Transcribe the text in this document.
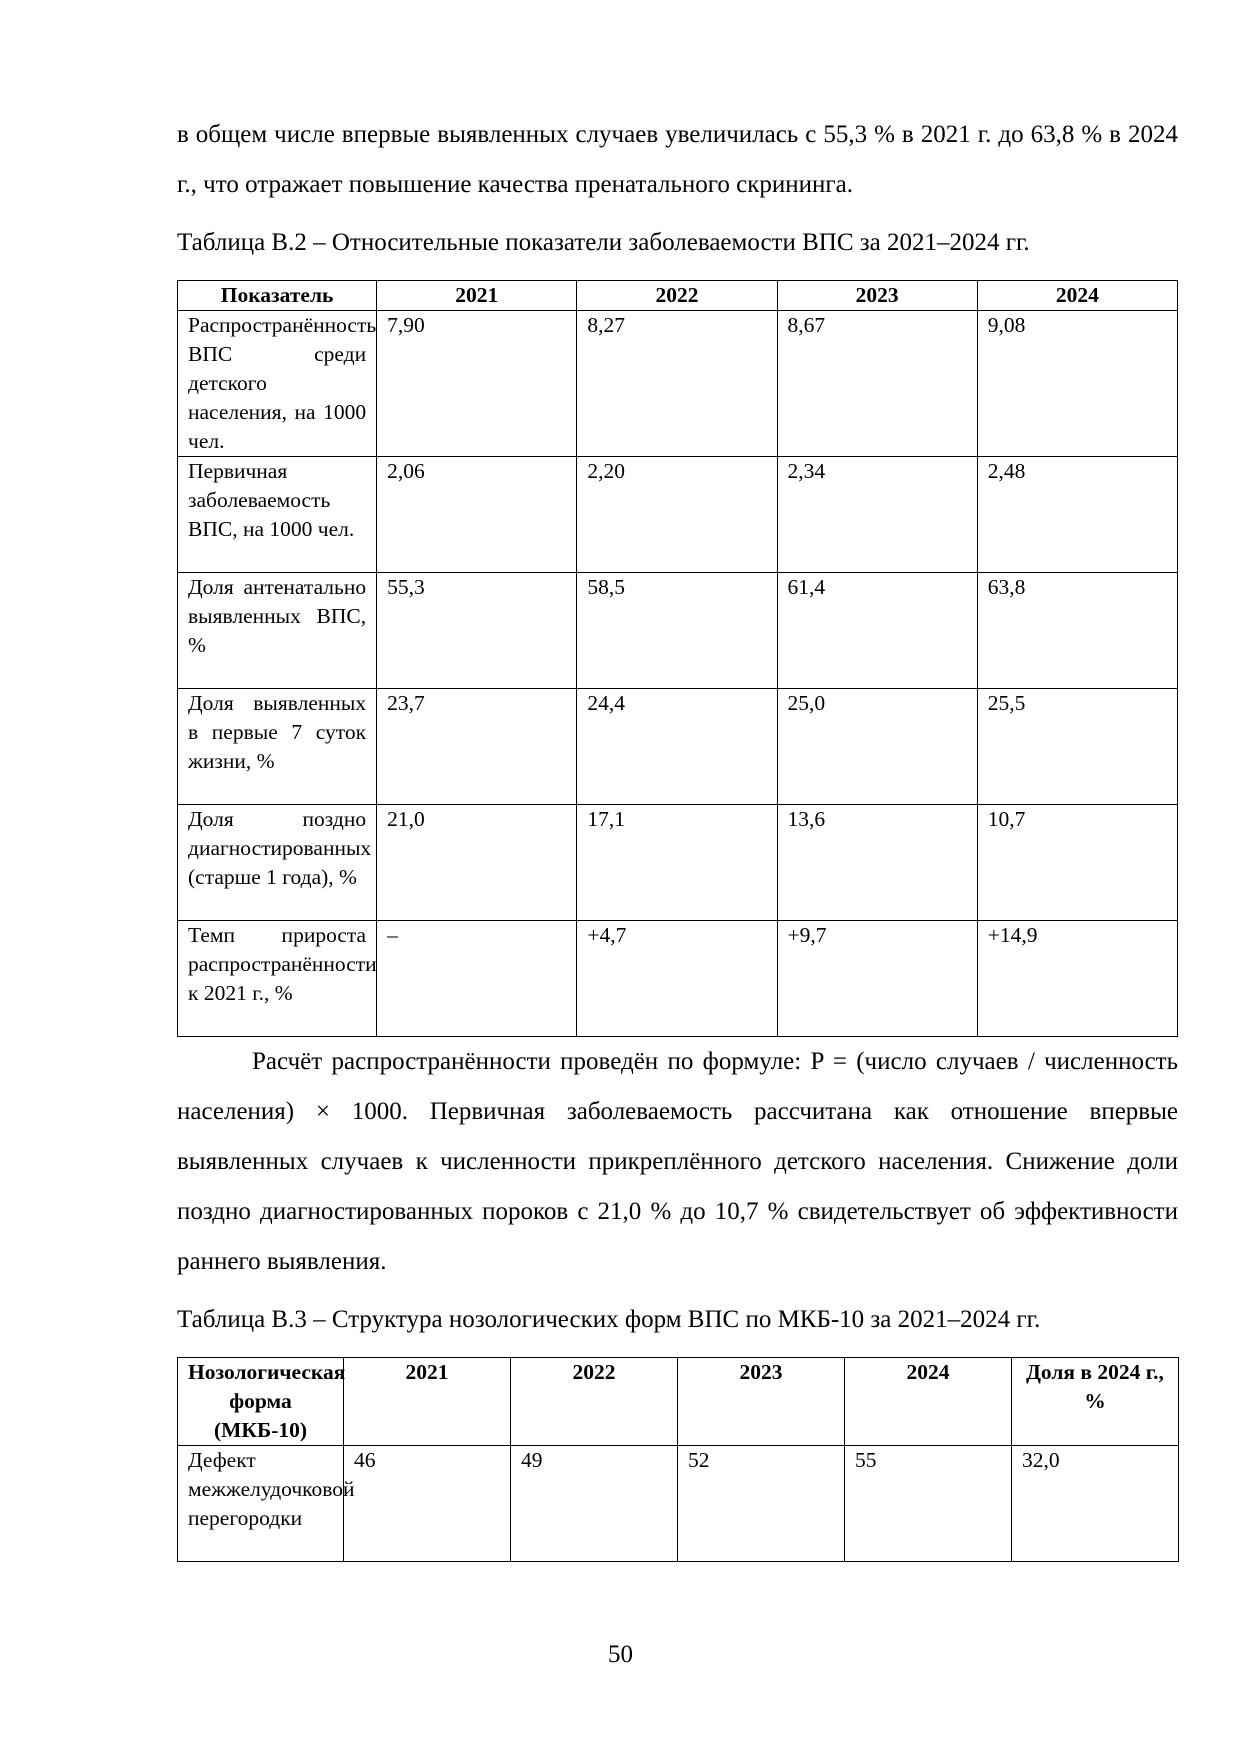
в общем числе впервые выявленных случаев увеличилась с 55,3 % в 2021 г. до 63,8 % в 2024 г., что отражает повышение качества пренатального скрининга.

Таблица В.2 – Относительные показатели заболеваемости ВПС за 2021–2024 гг.

Показатель	2021	2022	2023	2024
Распространённость ВПС среди детского населения, на 1000 чел.	7,90	8,27	8,67	9,08
Первичная заболеваемость ВПС, на 1000 чел.	2,06	2,20	2,34	2,48
Доля антенатально выявленных ВПС, %	55,3	58,5	61,4	63,8
Доля выявленных в первые 7 суток жизни, %	23,7	24,4	25,0	25,5
Доля поздно диагностированных (старше 1 года), %	21,0	17,1	13,6	10,7
Темп прироста распространённости к 2021 г., %	–	+4,7	+9,7	+14,9

Расчёт распространённости проведён по формуле: P = (число случаев / численность населения) × 1000. Первичная заболеваемость рассчитана как отношение впервые выявленных случаев к численности прикреплённого детского населения. Снижение доли поздно диагностированных пороков с 21,0 % до 10,7 % свидетельствует об эффективности раннего выявления.

Таблица В.3 – Структура нозологических форм ВПС по МКБ-10 за 2021–2024 гг.

Нозологическая форма (МКБ-10)	2021	2022	2023	2024	Доля в 2024 г., %
Дефект межжелудочковой перегородки	46	49	52	55	32,0
50
